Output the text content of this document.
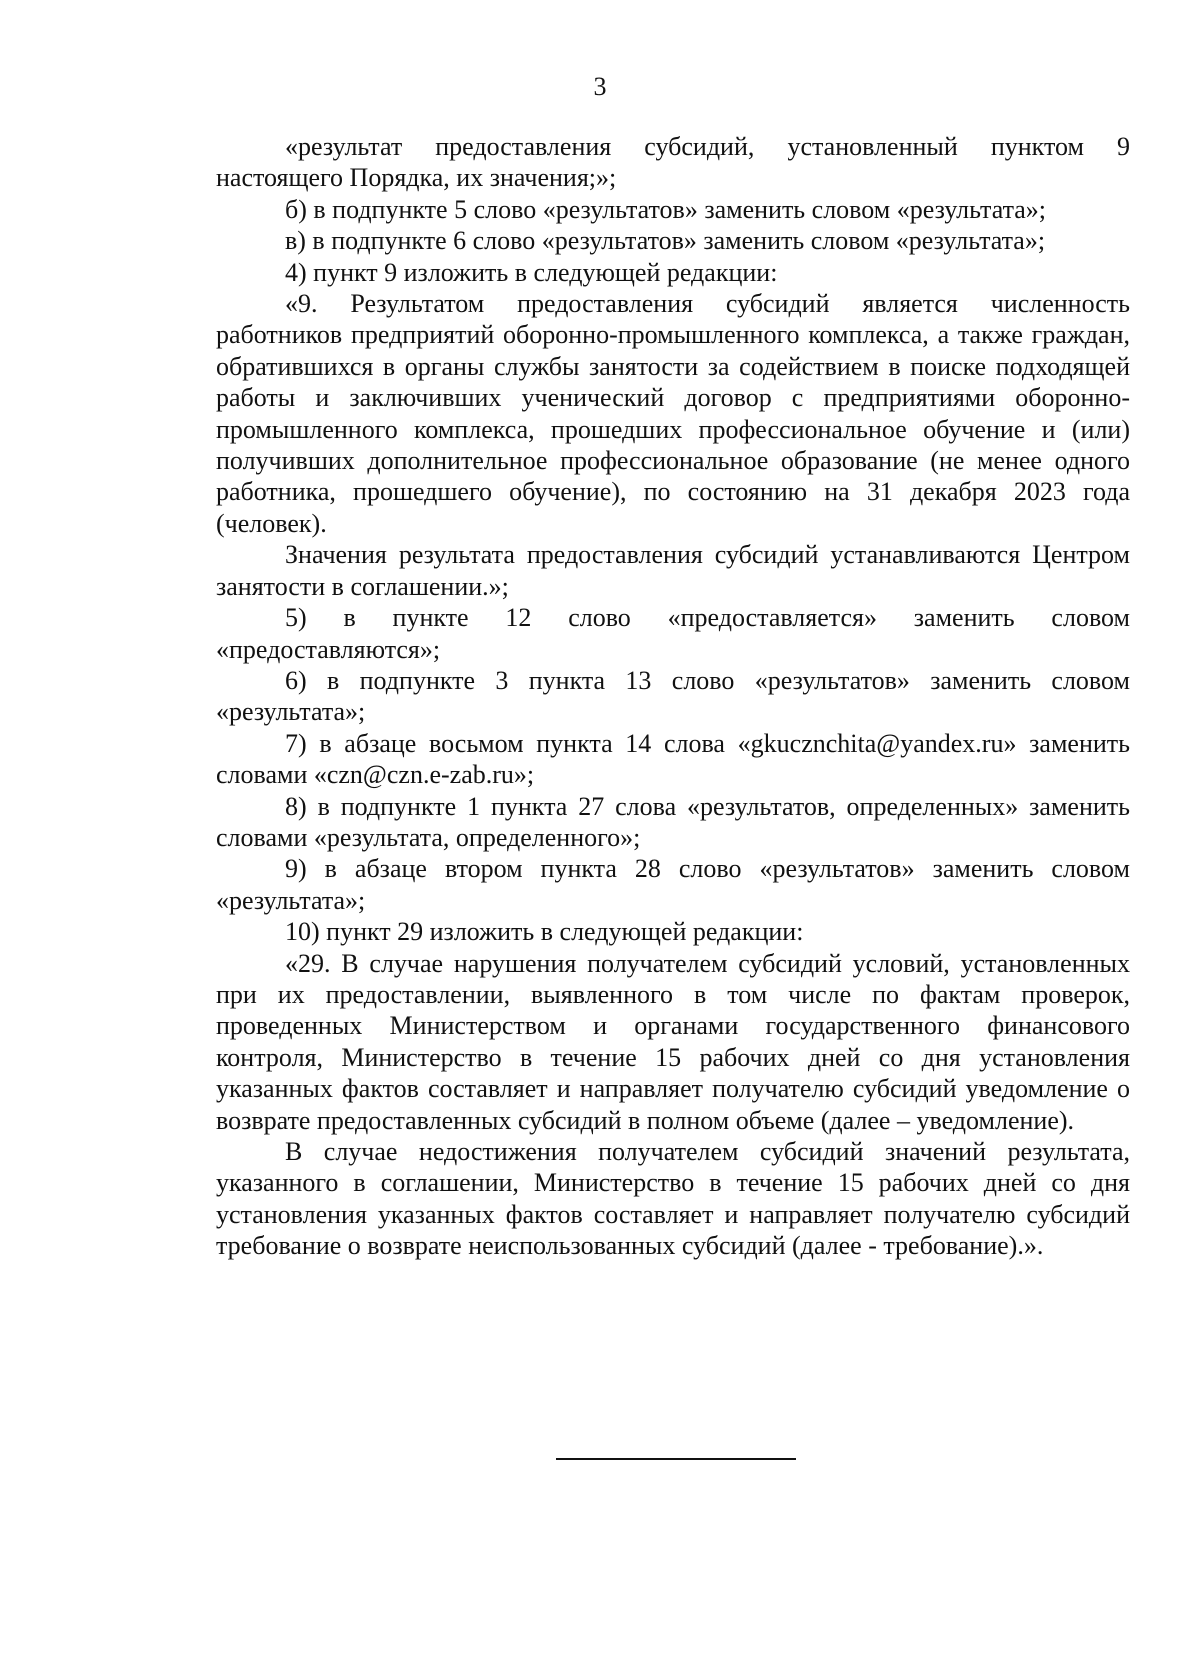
3

«результат предоставления субсидий, установленный пунктом 9 настоящего Порядка, их значения;»;

б) в подпункте 5 слово «результатов» заменить словом «результата»;

в) в подпункте 6 слово «результатов» заменить словом «результата»;

4) пункт 9 изложить в следующей редакции:

«9. Результатом предоставления субсидий является численность работников предприятий оборонно-промышленного комплекса, а также граждан, обратившихся в органы службы занятости за содействием в поиске подходящей работы и заключивших ученический договор с предприятиями оборонно-промышленного комплекса, прошедших профессиональное обучение и (или) получивших дополнительное профессиональное образование (не менее одного работника, прошедшего обучение), по состоянию на 31 декабря 2023 года (человек).

Значения результата предоставления субсидий устанавливаются Центром занятости в соглашении.»;

5) в пункте 12 слово «предоставляется» заменить словом «предоставляются»;

6) в подпункте 3 пункта 13 слово «результатов» заменить словом «результата»;

7) в абзаце восьмом пункта 14 слова «gkucznchita@yandex.ru» заменить словами «czn@czn.e-zab.ru»;

8) в подпункте 1 пункта 27 слова «результатов, определенных» заменить словами «результата, определенного»;

9) в абзаце втором пункта 28 слово «результатов» заменить словом «результата»;

10) пункт 29 изложить в следующей редакции:

«29. В случае нарушения получателем субсидий условий, установленных при их предоставлении, выявленного в том числе по фактам проверок, проведенных Министерством и органами государственного финансового контроля, Министерство в течение 15 рабочих дней со дня установления указанных фактов составляет и направляет получателю субсидий уведомление о возврате предоставленных субсидий в полном объеме (далее – уведомление).

В случае недостижения получателем субсидий значений результата, указанного в соглашении, Министерство в течение 15 рабочих дней со дня установления указанных фактов составляет и направляет получателю субсидий требование о возврате неиспользованных субсидий (далее - требование).».
